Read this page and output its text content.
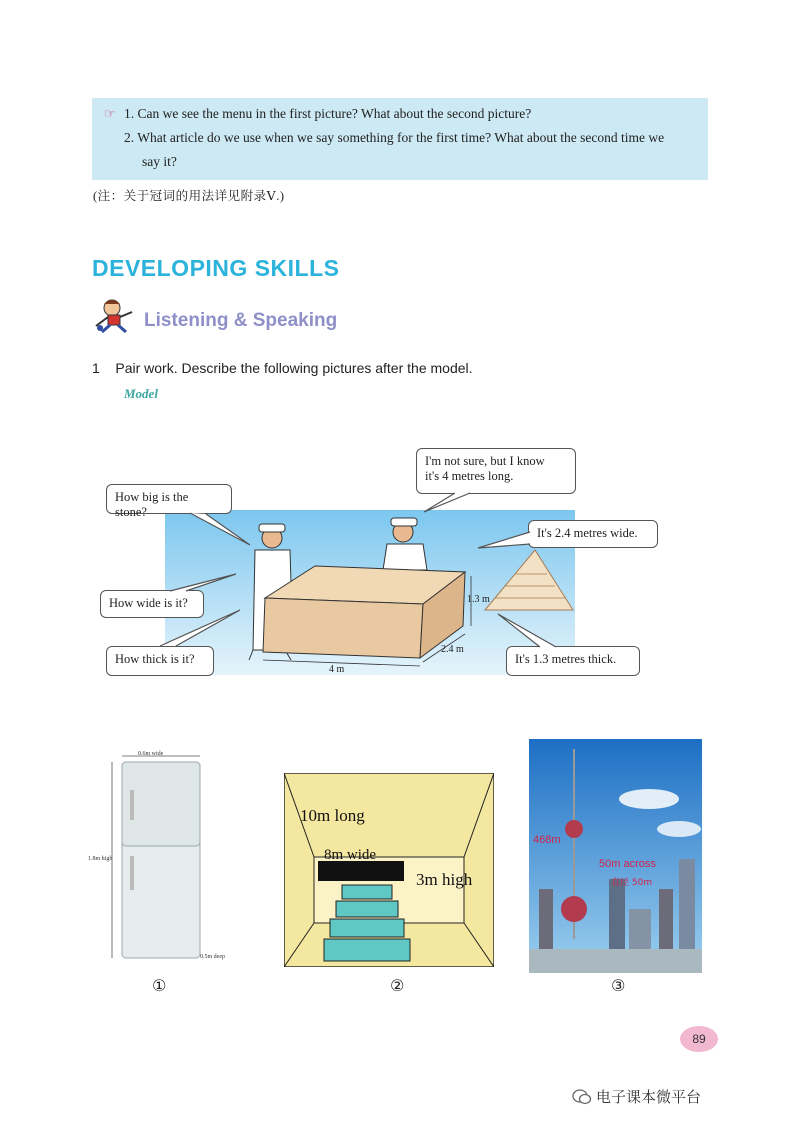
☞ 1. Can we see the menu in the first picture? What about the second picture?
2. What article do we use when we say something for the first time? What about the second time we
say it?
(注：关于冠词的用法详见附录Ⅴ.)
DEVELOPING SKILLS
Listening & Speaking
1 Pair work. Describe the following pictures after the model.
Model
4 m
2.4 m
1.3 m
How big is the stone?
I'm not sure, but I know
it's 4 metres long.
It's 2.4 metres wide.
How wide is it?
How thick is it?	It's 1.3 metres thick.
0.6m wide
1.8m high
0.5m deep
①
10m long
8m wide
3m high
②
468m
50m across
直径 50m
③
89
电子课本微平台
